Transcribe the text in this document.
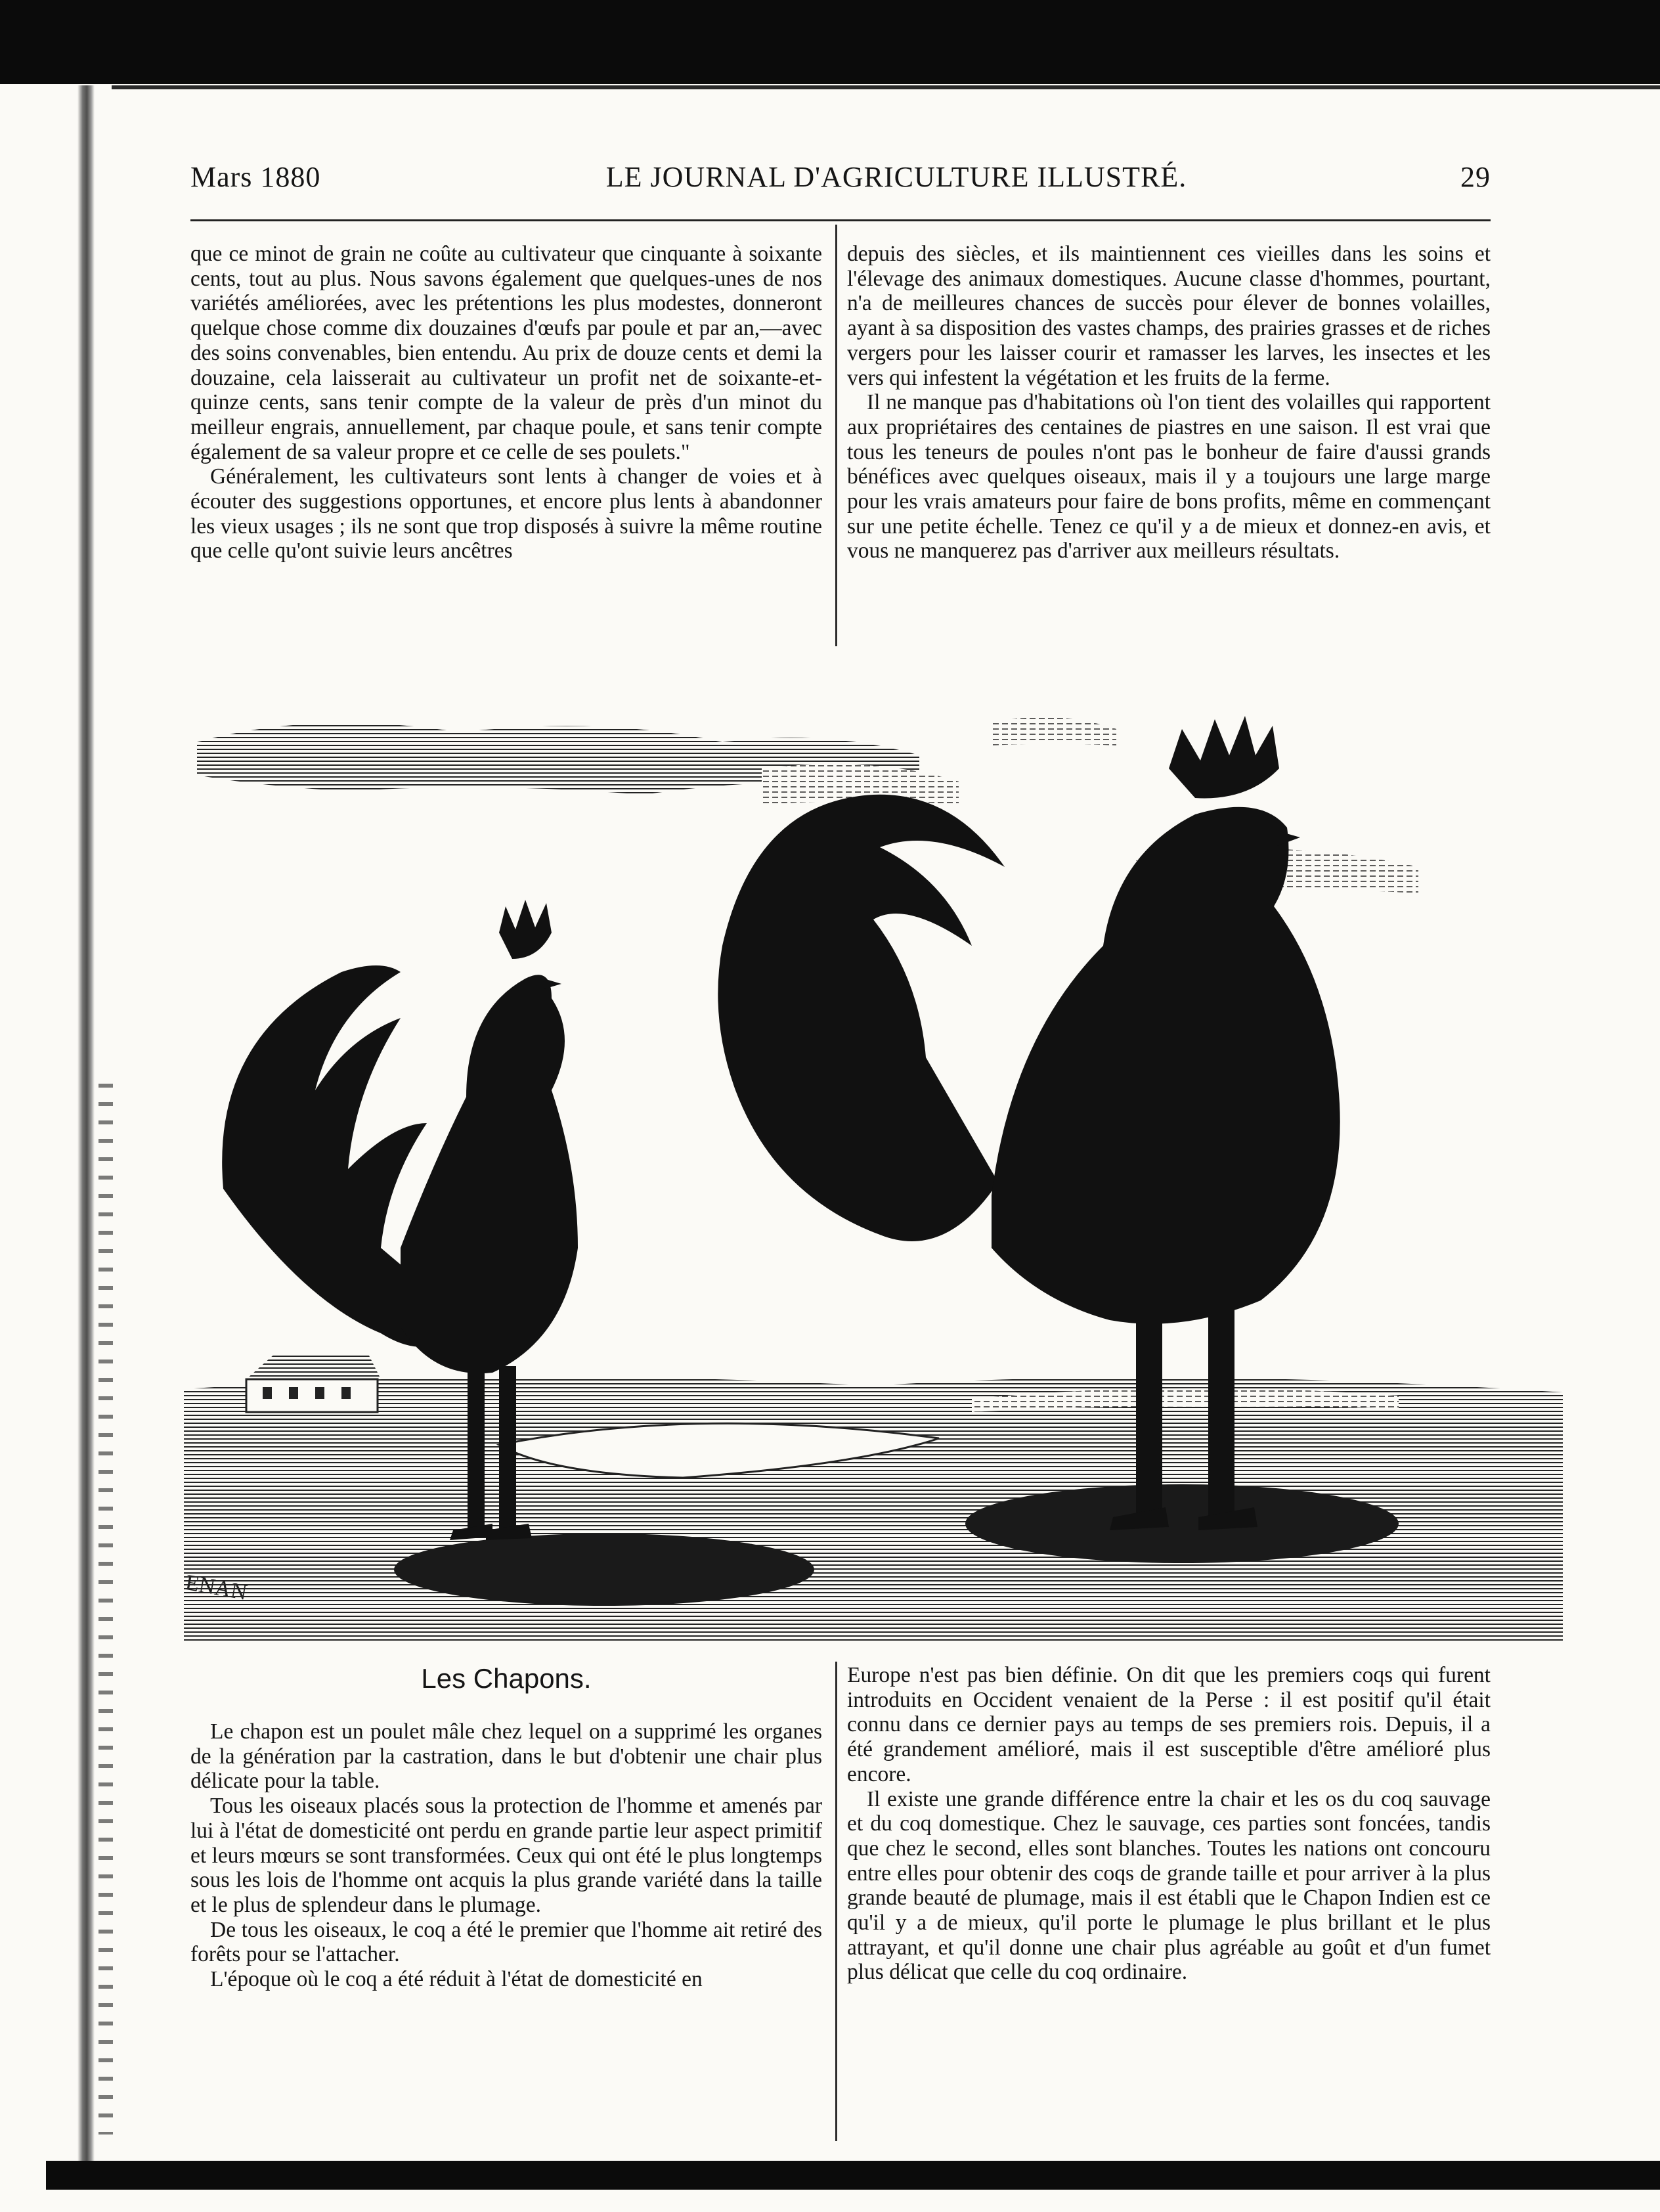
Mars 1880	LE JOURNAL D'AGRICULTURE ILLUSTRÉ.	29

que ce minot de grain ne coûte au cultivateur que cinquante à soixante cents, tout au plus. Nous savons également que quelques-unes de nos variétés améliorées, avec les prétentions les plus modestes, donneront quelque chose comme dix douzaines d'œufs par poule et par an,—avec des soins convenables, bien entendu. Au prix de douze cents et demi la douzaine, cela laisserait au cultivateur un profit net de soixante-et-quinze cents, sans tenir compte de la valeur de près d'un minot du meilleur engrais, annuellement, par chaque poule, et sans tenir compte également de sa valeur propre et ce celle de ses poulets."

Généralement, les cultivateurs sont lents à changer de voies et à écouter des suggestions opportunes, et encore plus lents à abandonner les vieux usages ; ils ne sont que trop disposés à suivre la même routine que celle qu'ont suivie leurs ancêtres

depuis des siècles, et ils maintiennent ces vieilles dans les soins et l'élevage des animaux domestiques. Aucune classe d'hommes, pourtant, n'a de meilleures chances de succès pour élever de bonnes volailles, ayant à sa disposition des vastes champs, des prairies grasses et de riches vergers pour les laisser courir et ramasser les larves, les insectes et les vers qui infestent la végétation et les fruits de la ferme.

Il ne manque pas d'habitations où l'on tient des volailles qui rapportent aux propriétaires des centaines de piastres en une saison. Il est vrai que tous les teneurs de poules n'ont pas le bonheur de faire d'aussi grands bénéfices avec quelques oiseaux, mais il y a toujours une large marge pour les vrais amateurs pour faire de bons profits, même en commençant sur une petite échelle. Tenez ce qu'il y a de mieux et donnez-en avis, et vous ne manquerez pas d'arriver aux meilleurs résultats.

ENAN
Les Chapons.

Le chapon est un poulet mâle chez lequel on a supprimé les organes de la génération par la castration, dans le but d'obtenir une chair plus délicate pour la table.

Tous les oiseaux placés sous la protection de l'homme et amenés par lui à l'état de domesticité ont perdu en grande partie leur aspect primitif et leurs mœurs se sont transformées. Ceux qui ont été le plus longtemps sous les lois de l'homme ont acquis la plus grande variété dans la taille et le plus de splendeur dans le plumage.

De tous les oiseaux, le coq a été le premier que l'homme ait retiré des forêts pour se l'attacher.

L'époque où le coq a été réduit à l'état de domesticité en

Europe n'est pas bien définie. On dit que les premiers coqs qui furent introduits en Occident venaient de la Perse : il est positif qu'il était connu dans ce dernier pays au temps de ses premiers rois. Depuis, il a été grandement amélioré, mais il est susceptible d'être amélioré plus encore.

Il existe une grande différence entre la chair et les os du coq sauvage et du coq domestique. Chez le sauvage, ces parties sont foncées, tandis que chez le second, elles sont blanches. Toutes les nations ont concouru entre elles pour obtenir des coqs de grande taille et pour arriver à la plus grande beauté de plumage, mais il est établi que le Chapon Indien est ce qu'il y a de mieux, qu'il porte le plumage le plus brillant et le plus attrayant, et qu'il donne une chair plus agréable au goût et d'un fumet plus délicat que celle du coq ordinaire.
